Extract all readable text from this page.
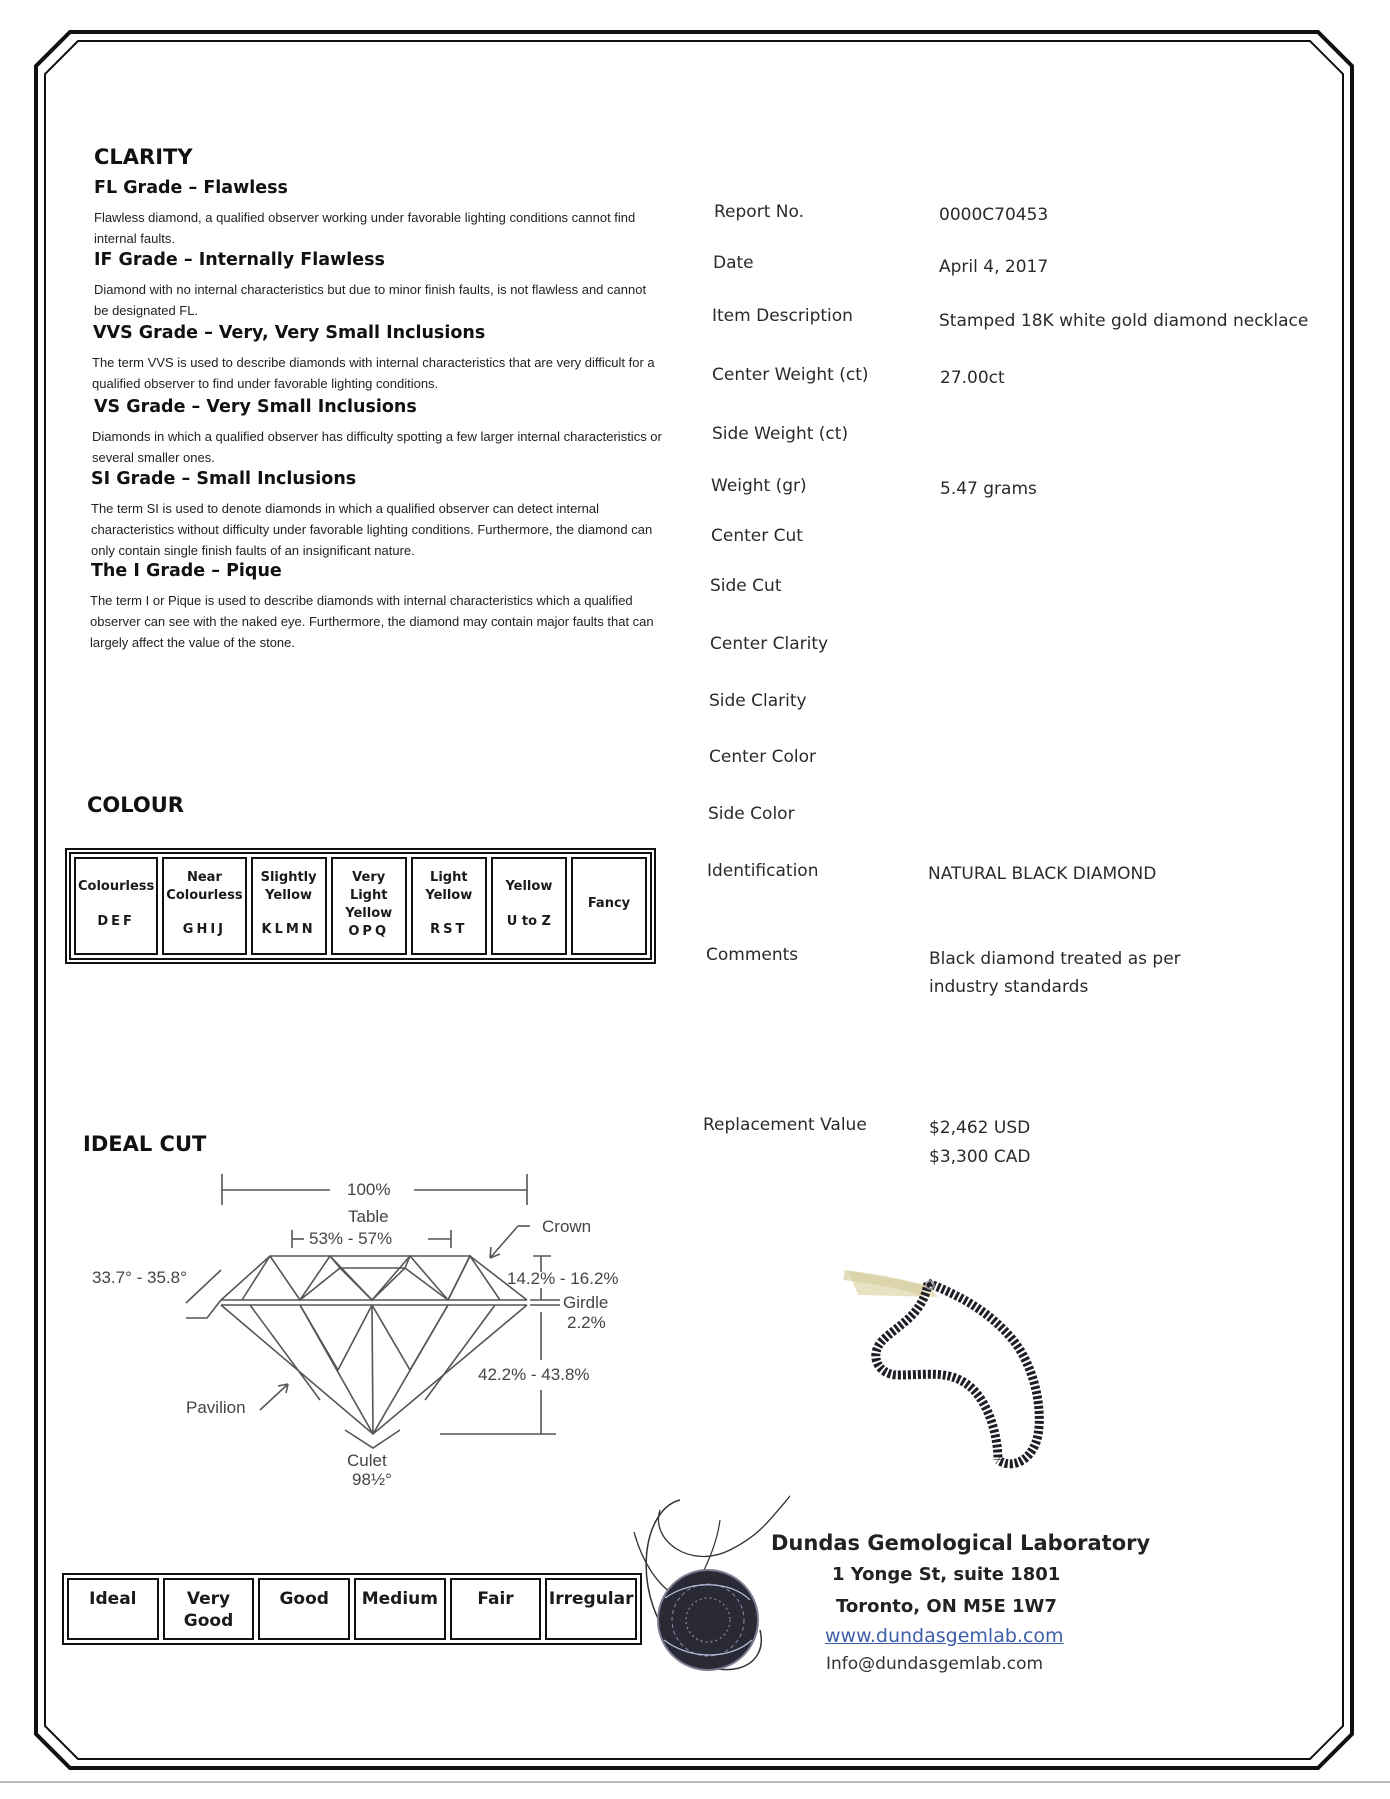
CLARITY
FL Grade – Flawless
Flawless diamond, a qualified observer working under favorable lighting conditions cannot find internal faults.
IF Grade – Internally Flawless
Diamond with no internal characteristics but due to minor finish faults, is not flawless and cannot be designated FL.
VVS Grade – Very, Very Small Inclusions
The term VVS is used to describe diamonds with internal characteristics that are very difficult for a qualified observer to find under favorable lighting conditions.
VS Grade – Very Small Inclusions
Diamonds in which a qualified observer has difficulty spotting a few larger internal characteristics or several smaller ones.
SI Grade – Small Inclusions
The term SI is used to denote diamonds in which a qualified observer can detect internal characteristics without difficulty under favorable lighting conditions. Furthermore, the diamond can only contain single finish faults of an insignificant nature.
The I Grade – Pique
The term I or Pique is used to describe diamonds with internal characteristics which a qualified observer can see with the naked eye. Furthermore, the diamond may contain major faults that can largely affect the value of the stone.
COLOUR
Colourless
DEF
Near Colourless
GHIJ
Slightly Yellow
KLMN
Very Light Yellow
OPQ
Light Yellow
RST
Yellow
U to Z
Fancy
IDEAL CUT
100%
Table
53% - 57%
Crown
33.7° - 35.8°	14.2% - 16.2%
Girdle
2.2%
42.2% - 43.8%
Pavilion
Culet
98½°
Ideal	Very Good
Good	Medium	Fair	Irregular
Report No.	0000C70453
Date	April 4, 2017
Item Description	Stamped 18K white gold diamond necklace
Center Weight (ct)	27.00ct
Side Weight (ct)
Weight (gr)	5.47 grams
Center Cut
Side Cut
Center Clarity
Side Clarity
Center Color
Side Color
Identification	NATURAL BLACK DIAMOND
Comments	Black diamond treated as per industry standards
Replacement Value	$2,462 USD
$3,300 CAD
Dundas Gemological Laboratory
1 Yonge St, suite 1801
Toronto, ON M5E 1W7
www.dundasgemlab.com
Info@dundasgemlab.com
